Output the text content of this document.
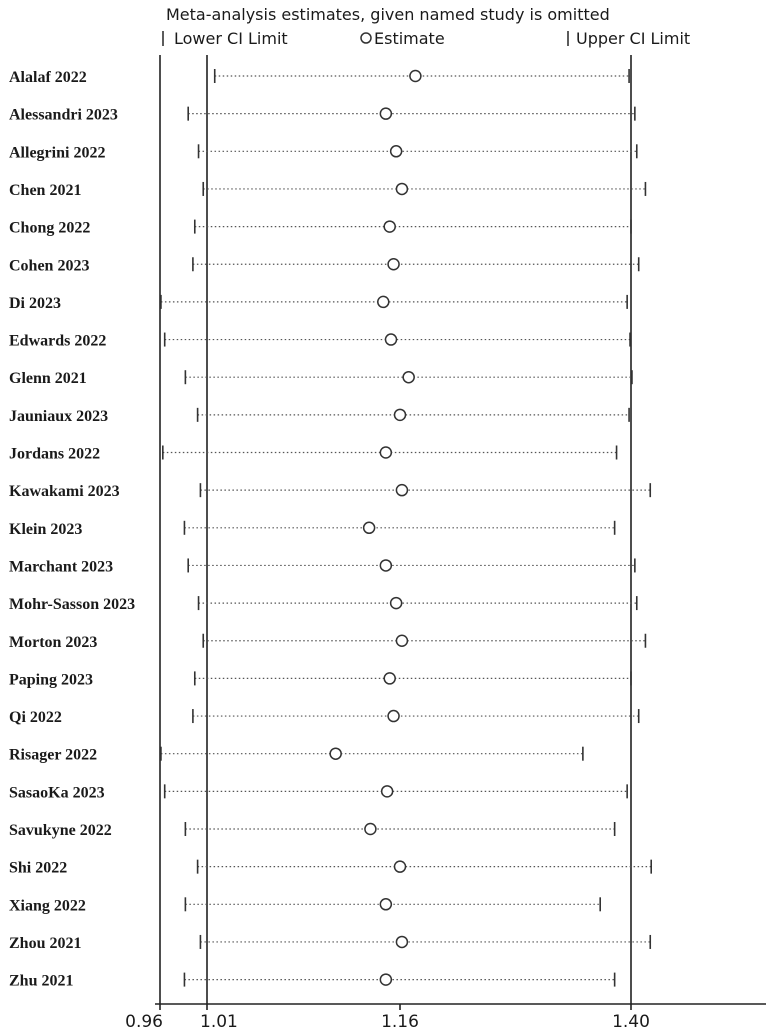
Meta-analysis estimates, given named study is omitted
Lower CI Limit	Estimate	Upper CI Limit
Alalaf 2022
Alessandri 2023
Allegrini 2022
Chen 2021
Chong 2022
Cohen 2023
Di 2023
Edwards 2022
Glenn 2021
Jauniaux 2023
Jordans 2022
Kawakami 2023
Klein 2023
Marchant 2023
Mohr-Sasson 2023
Morton 2023
Paping 2023
Qi 2022
Risager 2022
SasaoKa 2023
Savukyne 2022
Shi 2022
Xiang 2022
Zhou 2021
Zhu 2021
0.96 1.01	1.16	1.40
